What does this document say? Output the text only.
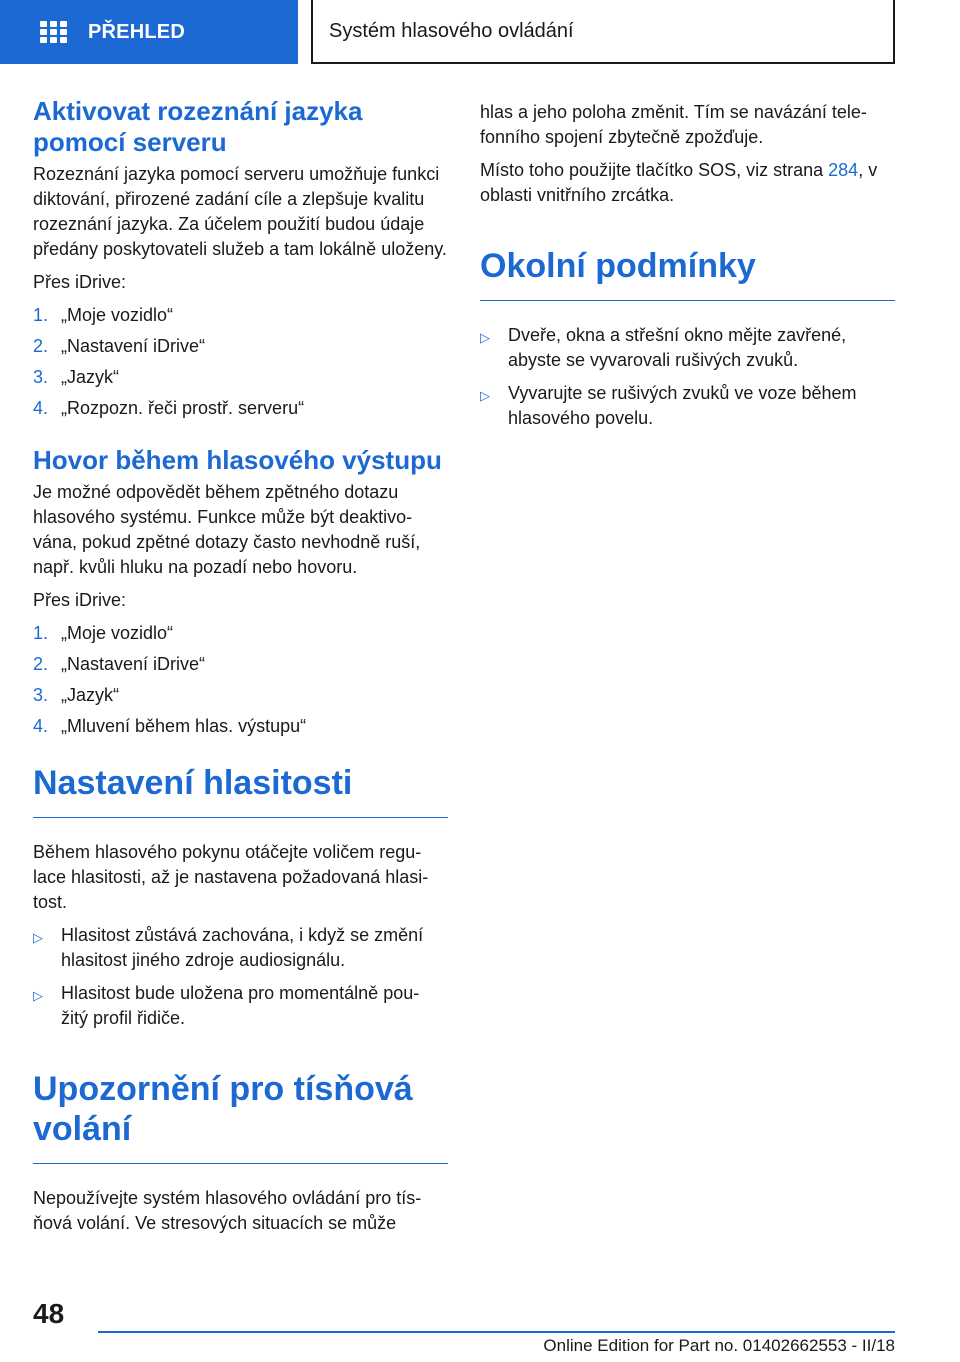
PŘEHLED	Systém hlasového ovládání
Aktivovat rozeznání jazyka pomocí serveru

Rozeznání jazyka pomocí serveru umožňuje funkci diktování, přirozené zadání cíle a zlepšuje kvalitu rozeznání jazyka. Za účelem použití budou údaje předány poskytovateli služeb a tam lokálně uloženy.

Přes iDrive:

1. „Moje vozidlo“
2. „Nastavení iDrive“
3. „Jazyk“
4. „Rozpozn. řeči prostř. serveru“
Hovor během hlasového výstupu

Je možné odpovědět během zpětného dotazu hlasového systému. Funkce může být deaktivo- vána, pokud zpětné dotazy často nevhodně ruší, např. kvůli hluku na pozadí nebo hovoru.

Přes iDrive:

1. „Moje vozidlo“
2. „Nastavení iDrive“
3. „Jazyk“
4. „Mluvení během hlas. výstupu“
Nastavení hlasitosti

Během hlasového pokynu otáčejte voličem regu- lace hlasitosti, až je nastavena požadovaná hlasi- tost.

▷	Hlasitost zůstává zachována, i když se změní hlasitost jiného zdroje audiosignálu.
▷	Hlasitost bude uložena pro momentálně pou- žitý profil řidiče.
Upozornění pro tísňová volání

Nepoužívejte systém hlasového ovládání pro tís- ňová volání. Ve stresových situacích se může

hlas a jeho poloha změnit. Tím se navázání tele- fonního spojení zbytečně zpožďuje.

Místo toho použijte tlačítko SOS, viz strana 284, v oblasti vnitřního zrcátka.

Okolní podmínky
▷	Dveře, okna a střešní okno mějte zavřené, abyste se vyvarovali rušivých zvuků.
▷	Vyvarujte se rušivých zvuků ve voze během hlasového povelu.
48
Online Edition for Part no. 01402662553 - II/18
